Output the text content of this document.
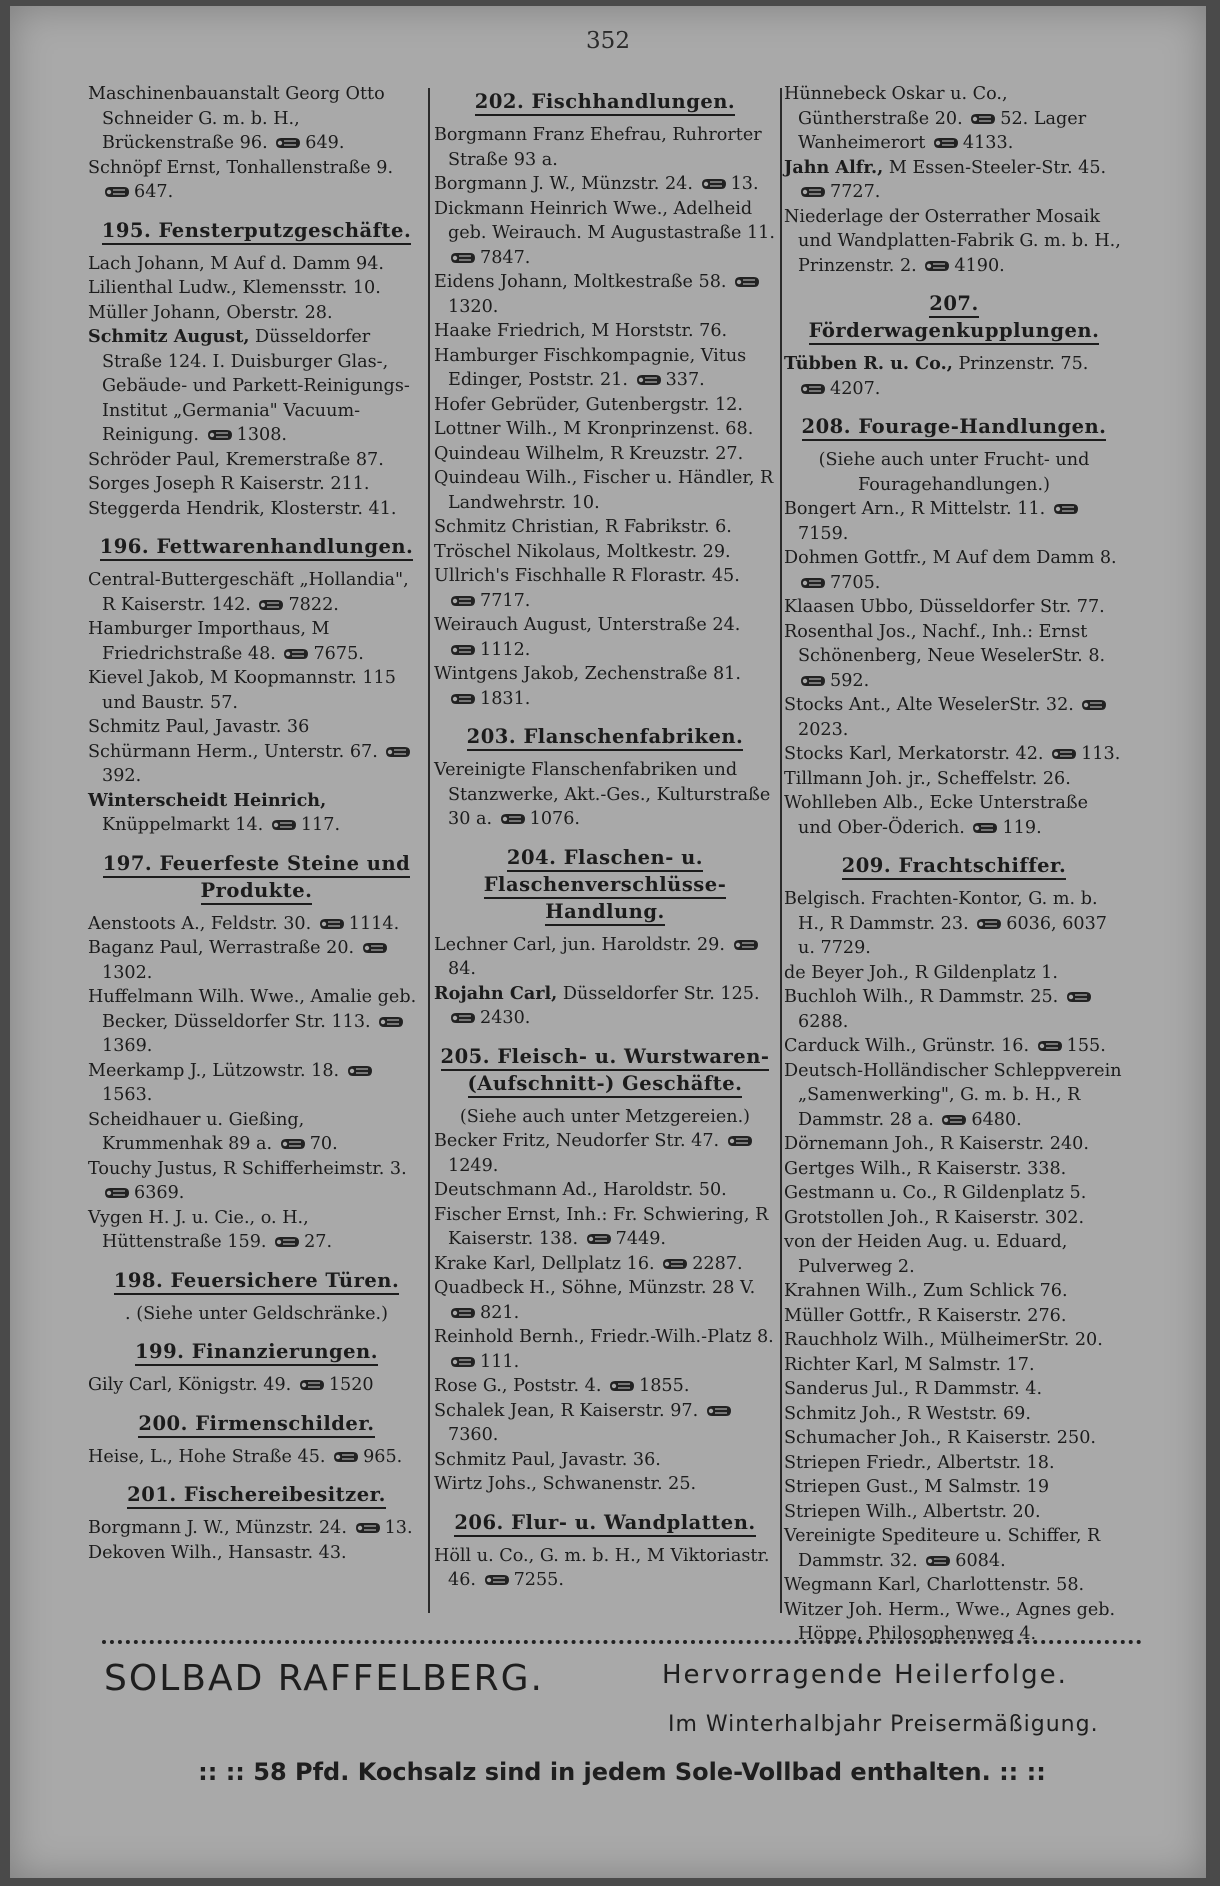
352
Maschinenbauanstalt Georg Otto Schneider G. m. b. H., Brückenstraße 96. 649.
Schnöpf Ernst, Tonhallenstraße 9.
647.
195. Fensterputzgeschäfte.
Lach Johann, M Auf d. Damm 94.
Lilienthal Ludw., Klemensstr. 10.
Müller Johann, Oberstr. 28.
Schmitz August, Düsseldorfer Straße 124. I. Duisburger Glas-, Gebäude- und Parkett-Reinigungs-Institut „Germania" Vacuum-Reinigung. 1308.
Schröder Paul, Kremerstraße 87.
Sorges Joseph R Kaiserstr. 211.
Steggerda Hendrik, Klosterstr. 41.
196. Fettwarenhandlungen.
Central-Buttergeschäft „Hollandia", R Kaiserstr. 142. 7822.
Hamburger Importhaus, M Friedrichstraße 48. 7675.
Kievel Jakob, M Koopmannstr. 115 und Baustr. 57.
Schmitz Paul, Javastr. 36
Schürmann Herm., Unterstr. 67.
392.
Winterscheidt Heinrich, Knüppelmarkt 14. 117.
197. Feuerfeste Steine und Produkte.
Aenstoots A., Feldstr. 30. 1114.
Baganz Paul, Werrastraße 20.
1302.
Huffelmann Wilh. Wwe., Amalie geb. Becker, Düsseldorfer Str. 113.
1369.
Meerkamp J., Lützowstr. 18.
1563.
Scheidhauer u. Gießing, Krummenhak 89 a. 70.
Touchy Justus, R Schifferheimstr. 3.
6369.
Vygen H. J. u. Cie., o. H., Hüttenstraße 159. 27.
198. Feuersichere Türen.
. (Siehe unter Geldschränke.)
199. Finanzierungen.
Gily Carl, Königstr. 49. 1520
200. Firmenschilder.
Heise, L., Hohe Straße 45. 965.
201. Fischereibesitzer.
Borgmann J. W., Münzstr. 24. 13.
Dekoven Wilh., Hansastr. 43.
202. Fischhandlungen.
Borgmann Franz Ehefrau, Ruhrorter Straße 93 a.
Borgmann J. W., Münzstr. 24. 13.
Dickmann Heinrich Wwe., Adelheid geb. Weirauch. M Augustastraße 11.
7847.
Eidens Johann, Moltkestraße 58.
1320.
Haake Friedrich, M Horststr. 76.
Hamburger Fischkompagnie, Vitus Edinger, Poststr. 21. 337.
Hofer Gebrüder, Gutenbergstr. 12.
Lottner Wilh., M Kronprinzenst. 68.
Quindeau Wilhelm, R Kreuzstr. 27.
Quindeau Wilh., Fischer u. Händler, R Landwehrstr. 10.
Schmitz Christian, R Fabrikstr. 6.
Tröschel Nikolaus, Moltkestr. 29.
Ullrich's Fischhalle R Florastr. 45.
7717.
Weirauch August, Unterstraße 24.
1112.
Wintgens Jakob, Zechenstraße 81.
1831.
203. Flanschenfabriken.
Vereinigte Flanschenfabriken und Stanzwerke, Akt.-Ges., Kulturstraße 30 a. 1076.
204. Flaschen- u. Flaschenverschlüsse-Handlung.
Lechner Carl, jun. Haroldstr. 29.
84.
Rojahn Carl, Düsseldorfer Str. 125.
2430.
205. Fleisch- u. Wurstwaren- (Aufschnitt-) Geschäfte.
(Siehe auch unter Metzgereien.)
Becker Fritz, Neudorfer Str. 47.
1249.
Deutschmann Ad., Haroldstr. 50.
Fischer Ernst, Inh.: Fr. Schwiering, R Kaiserstr. 138. 7449.
Krake Karl, Dellplatz 16. 2287.
Quadbeck H., Söhne, Münzstr. 28 V.
821.
Reinhold Bernh., Friedr.-Wilh.-Platz 8.
111.
Rose G., Poststr. 4. 1855.
Schalek Jean, R Kaiserstr. 97.
7360.
Schmitz Paul, Javastr. 36.
Wirtz Johs., Schwanenstr. 25.
206. Flur- u. Wandplatten.
Höll u. Co., G. m. b. H., M Viktoriastr. 46. 7255.
Hünnebeck Oskar u. Co., Güntherstraße 20. 52. Lager Wanheimerort 4133.
Jahn Alfr., M Essen-Steeler-Str. 45.
7727.
Niederlage der Osterrather Mosaik und Wandplatten-Fabrik G. m. b. H., Prinzenstr. 2. 4190.
207. Förderwagenkupplungen.
Tübben R. u. Co., Prinzenstr. 75.
4207.
208. Fourage-Handlungen.
(Siehe auch unter Frucht- und Fouragehandlungen.)
Bongert Arn., R Mittelstr. 11.
7159.
Dohmen Gottfr., M Auf dem Damm 8.
7705.
Klaasen Ubbo, Düsseldorfer Str. 77.
Rosenthal Jos., Nachf., Inh.: Ernst Schönenberg, Neue WeselerStr. 8.
592.
Stocks Ant., Alte WeselerStr. 32.
2023.
Stocks Karl, Merkatorstr. 42. 113.
Tillmann Joh. jr., Scheffelstr. 26.
Wohlleben Alb., Ecke Unterstraße und Ober-Öderich. 119.
209. Frachtschiffer.
Belgisch. Frachten-Kontor, G. m. b. H., R Dammstr. 23. 6036, 6037 u. 7729.
de Beyer Joh., R Gildenplatz 1.
Buchloh Wilh., R Dammstr. 25.
6288.
Carduck Wilh., Grünstr. 16. 155.
Deutsch-Holländischer Schleppverein „Samenwerking", G. m. b. H., R Dammstr. 28 a. 6480.
Dörnemann Joh., R Kaiserstr. 240.
Gertges Wilh., R Kaiserstr. 338.
Gestmann u. Co., R Gildenplatz 5.
Grotstollen Joh., R Kaiserstr. 302.
von der Heiden Aug. u. Eduard, Pulverweg 2.
Krahnen Wilh., Zum Schlick 76.
Müller Gottfr., R Kaiserstr. 276.
Rauchholz Wilh., MülheimerStr. 20.
Richter Karl, M Salmstr. 17.
Sanderus Jul., R Dammstr. 4.
Schmitz Joh., R Weststr. 69.
Schumacher Joh., R Kaiserstr. 250.
Striepen Friedr., Albertstr. 18.
Striepen Gust., M Salmstr. 19
Striepen Wilh., Albertstr. 20.
Vereinigte Spediteure u. Schiffer, R Dammstr. 32. 6084.
Wegmann Karl, Charlottenstr. 58.
Witzer Joh. Herm., Wwe., Agnes geb. Höppe, Philosophenweg 4.
SOLBAD RAFFELBERG.	Hervorragende Heilerfolge.
Im Winterhalbjahr Preisermäßigung.
:: :: 58 Pfd. Kochsalz sind in jedem Sole-Vollbad enthalten. :: ::
